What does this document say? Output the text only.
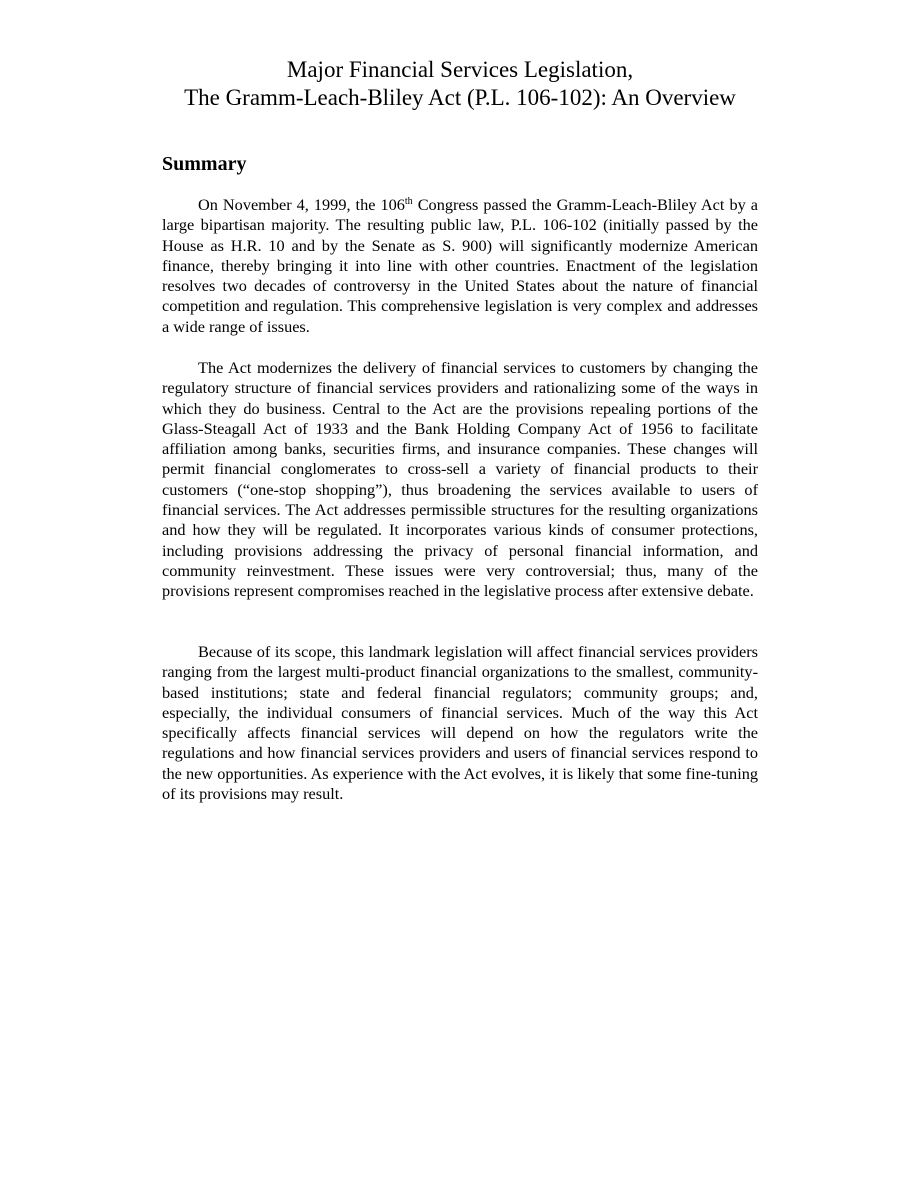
Major Financial Services Legislation,
The Gramm-Leach-Bliley Act (P.L. 106-102): An Overview
Summary

On November 4, 1999, the 106th Congress passed the Gramm-Leach-Bliley Act by a large bipartisan majority. The resulting public law, P.L. 106-102 (initially passed by the House as H.R. 10 and by the Senate as S. 900) will significantly modernize American finance, thereby bringing it into line with other countries. Enactment of the legislation resolves two decades of controversy in the United States about the nature of financial competition and regulation. This comprehensive legislation is very complex and addresses a wide range of issues.

The Act modernizes the delivery of financial services to customers by changing the regulatory structure of financial services providers and rationalizing some of the ways in which they do business. Central to the Act are the provisions repealing portions of the Glass-Steagall Act of 1933 and the Bank Holding Company Act of 1956 to facilitate affiliation among banks, securities firms, and insurance companies. These changes will permit financial conglomerates to cross-sell a variety of financial products to their customers (“one-stop shopping”), thus broadening the services available to users of financial services. The Act addresses permissible structures for the resulting organizations and how they will be regulated. It incorporates various kinds of consumer protections, including provisions addressing the privacy of personal financial information, and community reinvestment. These issues were very controversial; thus, many of the provisions represent compromises reached in the legislative process after extensive debate.

Because of its scope, this landmark legislation will affect financial services providers ranging from the largest multi-product financial organizations to the smallest, community-based institutions; state and federal financial regulators; community groups; and, especially, the individual consumers of financial services. Much of the way this Act specifically affects financial services will depend on how the regulators write the regulations and how financial services providers and users of financial services respond to the new opportunities. As experience with the Act evolves, it is likely that some fine-tuning of its provisions may result.
